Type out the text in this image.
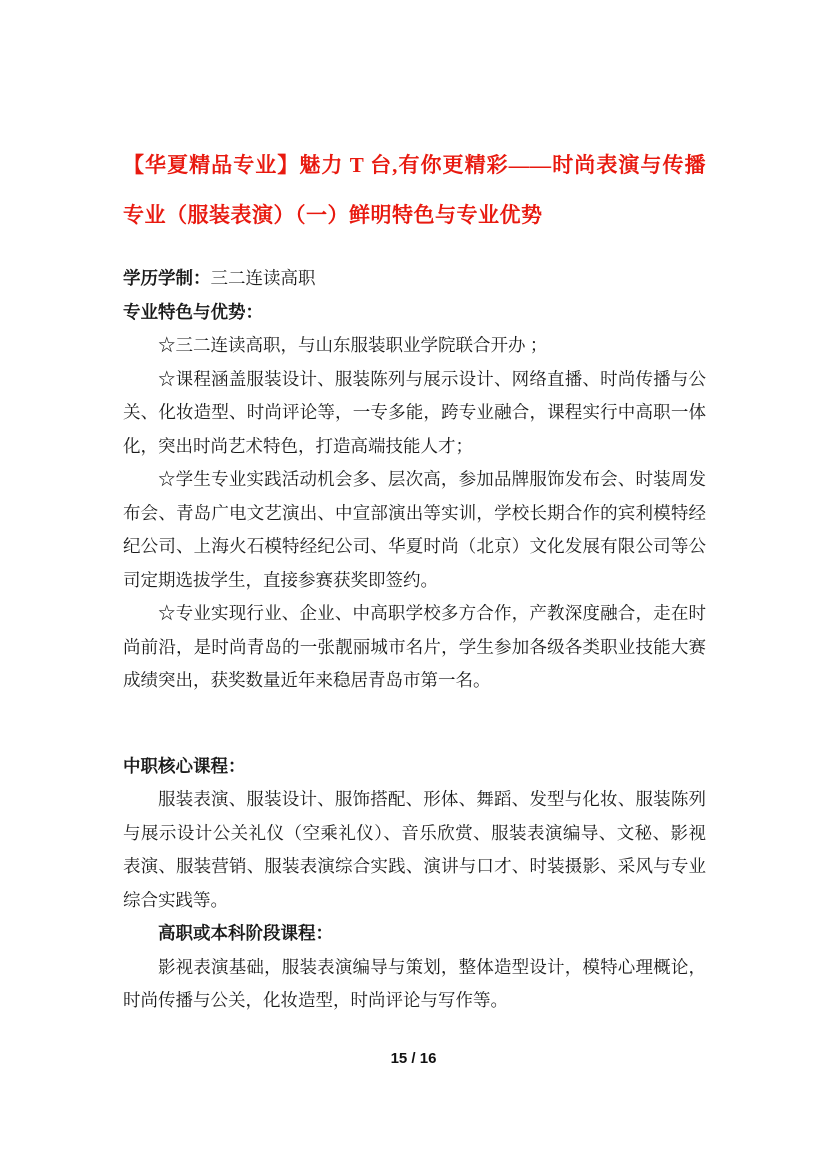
【华夏精品专业】魅力 T 台,有你更精彩——时尚表演与传播专业（服装表演）（一）鲜明特色与专业优势

学历学制：三二连读高职

专业特色与优势：

☆三二连读高职，与山东服装职业学院联合开办 ；

☆课程涵盖服装设计、服装陈列与展示设计、网络直播、时尚传播与公关、化妆造型、时尚评论等，一专多能，跨专业融合，课程实行中高职一体化，突出时尚艺术特色，打造高端技能人才；

☆学生专业实践活动机会多、层次高，参加品牌服饰发布会、时装周发布会、青岛广电文艺演出、中宣部演出等实训，学校长期合作的宾利模特经纪公司、上海火石模特经纪公司、华夏时尚（北京）文化发展有限公司等公司定期选拔学生，直接参赛获奖即签约。

☆专业实现行业、企业、中高职学校多方合作，产教深度融合，走在时尚前沿，是时尚青岛的一张靓丽城市名片，学生参加各级各类职业技能大赛成绩突出，获奖数量近年来稳居青岛市第一名。

中职核心课程：

服装表演、服装设计、服饰搭配、形体、舞蹈、发型与化妆、服装陈列与展示设计公关礼仪（空乘礼仪）、音乐欣赏、服装表演编导、文秘、影视表演、服装营销、服装表演综合实践、演讲与口才、时装摄影、采风与专业综合实践等。

高职或本科阶段课程：

影视表演基础，服装表演编导与策划，整体造型设计，模特心理概论，时尚传播与公关，化妆造型，时尚评论与写作等。

15 / 16
